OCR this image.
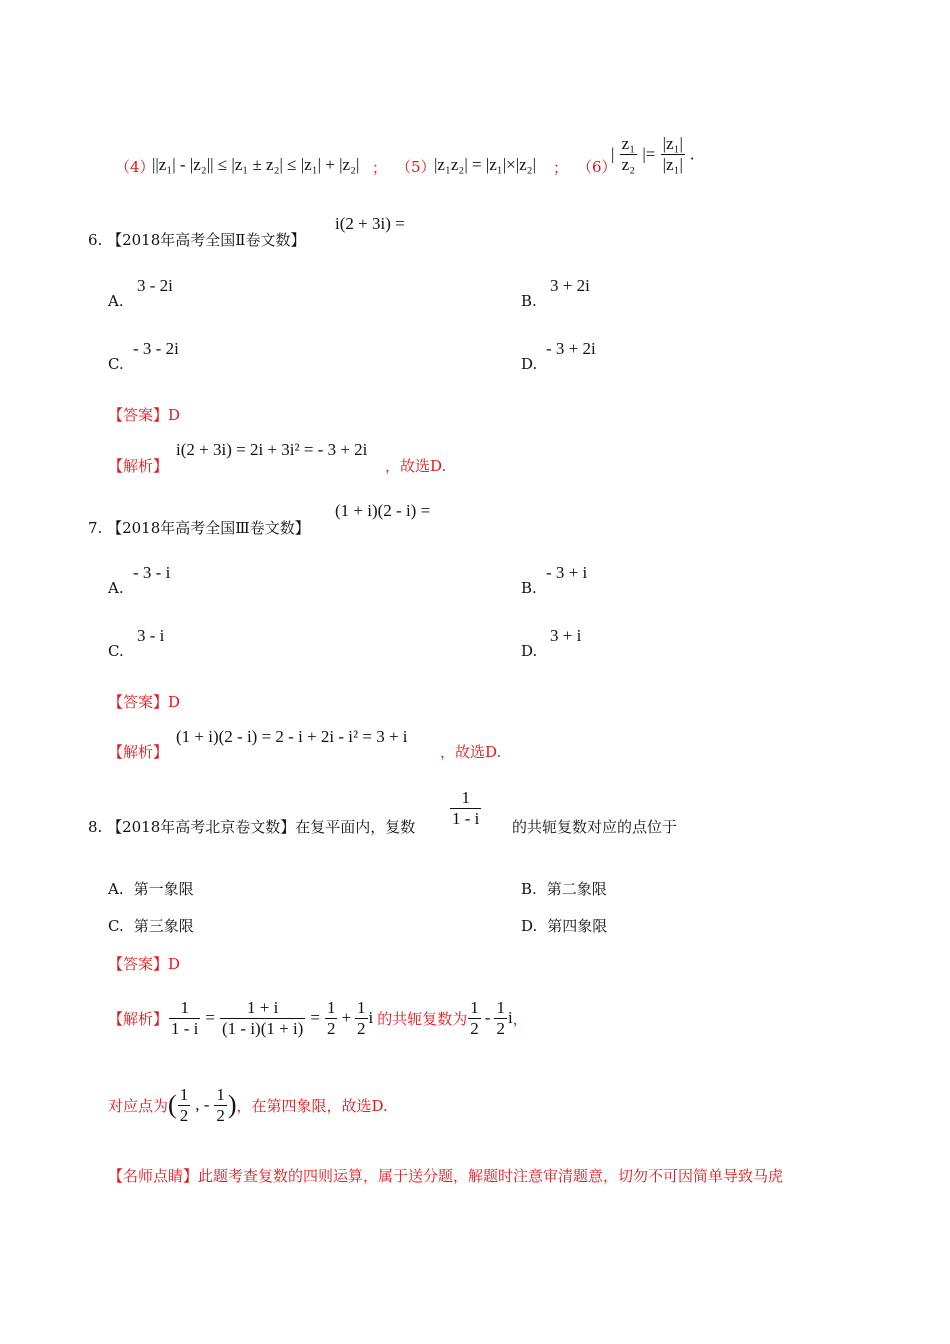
（4）
||z₁| - |z₂|| ≤ |z₁ ± z₂| ≤ |z₁| + |z₂| ； （5）
|z₁z₂| = |z₁|×|z₂| ； （6）
| $\frac{\text{z₁}}{\text{z₂}}$ |= $\frac{\text{|z₁|}}{\text{|z₁|}}$ .
6. 【2018年高考全国Ⅱ卷文数】
i(2 + 3i) =
A.
3 - 2i
B.
3 + 2i
C.
- 3 - 2i
D.
- 3 + 2i
【答案】D
【解析】
i(2 + 3i) = 2i + 3i² = - 3 + 2i
，故选D.
7. 【2018年高考全国Ⅲ卷文数】
(1 + i)(2 - i) =
A.
- 3 - i
B.
- 3 + i
C.
3 - i
D.
3 + i
【答案】D
【解析】
(1 + i)(2 - i) = 2 - i + 2i - i² = 3 + i
，故选D.
8. 【2018年高考北京卷文数】在复平面内，复数 $\frac{1}{1 - i}$ 的共轭复数对应的点位于
A. 第一象限	B. 第二象限
C. 第三象限	D. 第四象限
【答案】D
【解析】 $\frac{1}{1 - i} = \frac{1 + i}{(1 - i)(1 + i)} = \frac{1}{2} + \frac{1}{2}$ i 的共轭复数为 $\frac{1}{2} - \frac{1}{2}$ i ，
对应点为 ( $\frac{1}{2}$ , - $\frac{1}{2}$ ) ，在第四象限，故选D.
【名师点睛】此题考查复数的四则运算，属于送分题，解题时注意审清题意，切勿不可因简单导致马虎
